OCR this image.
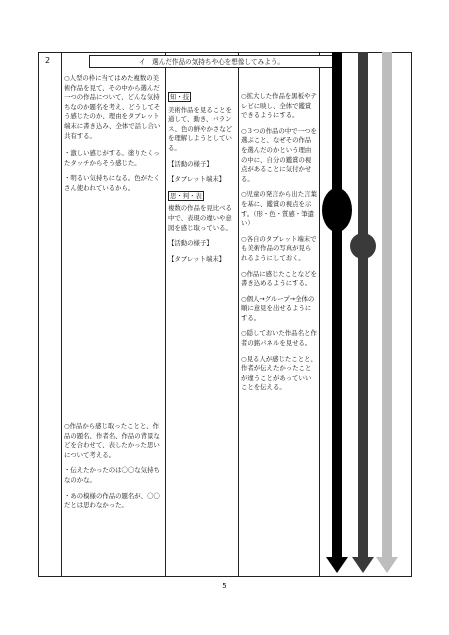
2	イ　選んだ作品の気持ちや心を想像してみよう。

○人型の枠に当てはめた複数の美術作品を見て、その中から選んだ一つの作品について、どんな気持ちなのか題名を考え、どうしてそう感じたのか、理由をタブレット端末に書き込み、全体で話し合い共有する。

・激しい感じがする。塗りたくったタッチからそう感じた。

・明るい気持ちになる。色がたくさん使われているから。

○作品から感じ取ったことと、作品の題名、作者名、作品の背景などを合わせて、表したかった思いについて考える。

・伝えたかったのは〇〇な気持ちなのかな。

・あの模様の作品の題名が、〇〇だとは思わなかった。

知・技

美術作品を見ることを通して、動き、バランス、色の鮮やかさなどを理解しようとしている。

【活動の様子】

【タブレット端末】

思・判・表

複数の作品を見比べる中で、表現の違いや意図を感じ取っている。

【活動の様子】

【タブレット端末】

○拡大した作品を黒板やテレビに映し、全体で鑑賞できるようにする。

○３つの作品の中で一つを選ぶこと、なぜその作品を選んだのかという理由の中に、自分の鑑賞の視点があることに気付かせる。

○児童の発言から出た言葉を基に、鑑賞の視点を示す。（形・色・質感・筆遣い）

○各自のタブレット端末でも美術作品の写真が見られるようにしておく。

○作品に感じたことなどを書き込めるようにする。

○個人→グループ→全体の順に意見を出せるようにする。

○隠しておいた作品名と作者の銘パネルを見せる。

○見る人が感じたことと、作者が伝えたかったことが違うことがあっていいことを伝える。

5
